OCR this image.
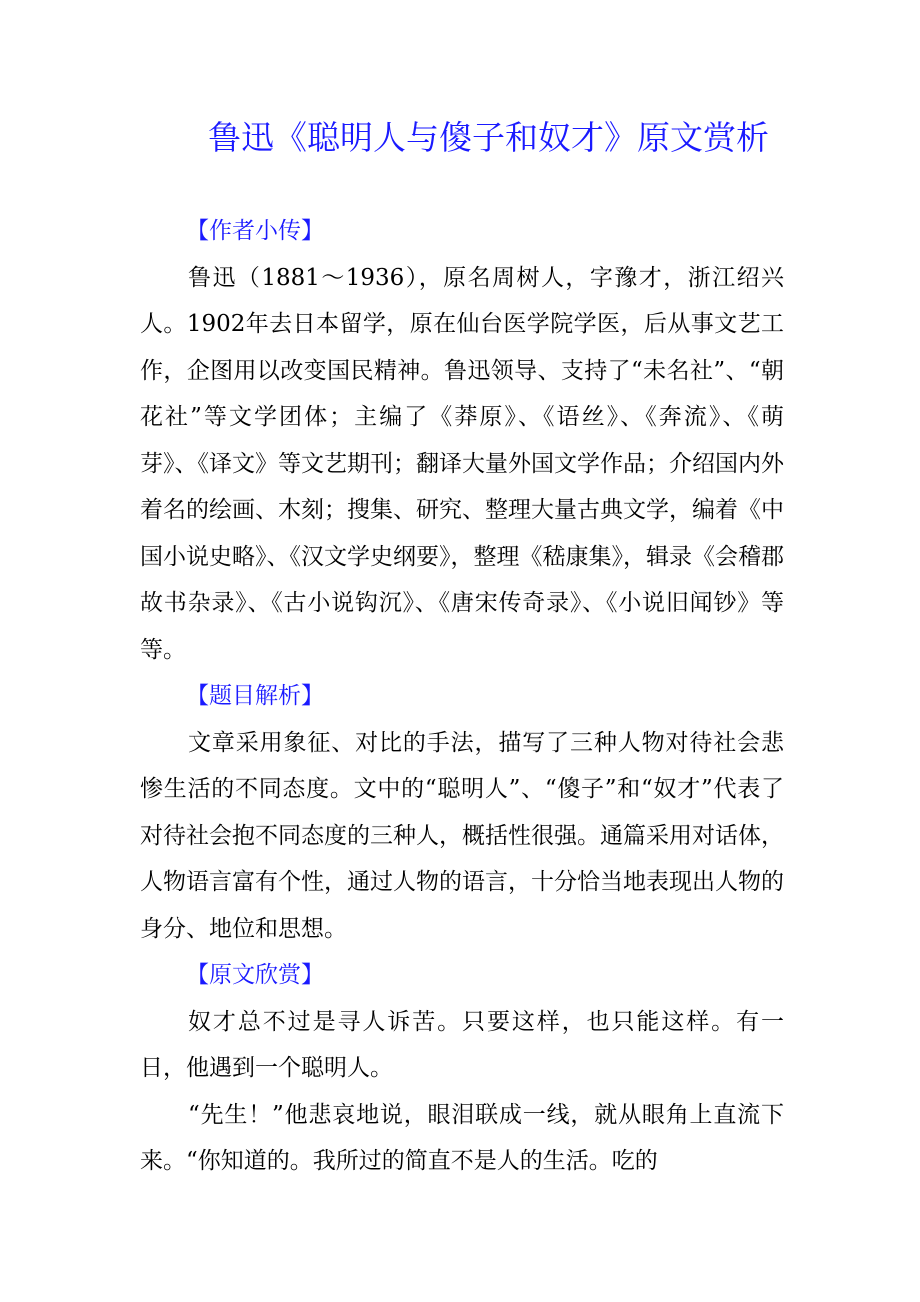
鲁迅《聪明人与傻子和奴才》原文赏析

【作者小传】

鲁迅（1881～1936），原名周树人，字豫才，浙江绍兴人。1902年去日本留学，原在仙台医学院学医，后从事文艺工作，企图用以改变国民精神。鲁迅领导、支持了“未名社”、“朝花社”等文学团体；主编了《莽原》、《语丝》、《奔流》、《萌芽》、《译文》等文艺期刊；翻译大量外国文学作品；介绍国内外着名的绘画、木刻；搜集、研究、整理大量古典文学，编着《中国小说史略》、《汉文学史纲要》，整理《嵇康集》，辑录《会稽郡故书杂录》、《古小说钩沉》、《唐宋传奇录》、《小说旧闻钞》等等。

【题目解析】

文章采用象征、对比的手法，描写了三种人物对待社会悲惨生活的不同态度。文中的“聪明人”、“傻子”和“奴才”代表了对待社会抱不同态度的三种人，概括性很强。通篇采用对话体，人物语言富有个性，通过人物的语言，十分恰当地表现出人物的身分、地位和思想。

【原文欣赏】

奴才总不过是寻人诉苦。只要这样，也只能这样。有一日，他遇到一个聪明人。

“先生！”他悲哀地说，眼泪联成一线，就从眼角上直流下来。“你知道的。我所过的简直不是人的生活。吃的
